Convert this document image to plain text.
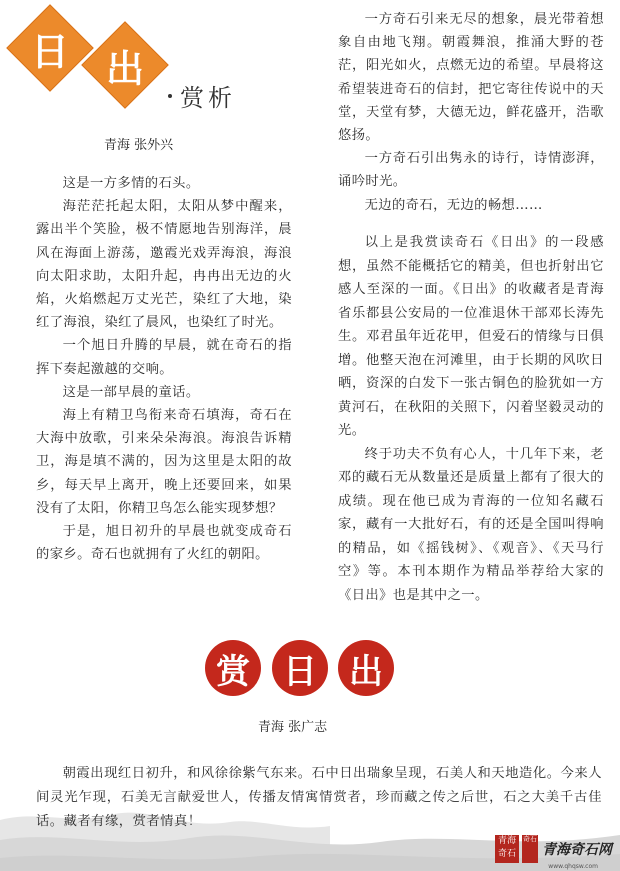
日 出
赏析
青海 张外兴

这是一方多情的石头。

海茫茫托起太阳，太阳从梦中醒来，露出半个笑脸，极不情愿地告别海洋，晨风在海面上游荡，邀霞光戏弄海浪，海浪向太阳求助，太阳升起，冉冉出无边的火焰，火焰燃起万丈光芒，染红了大地，染红了海浪，染红了晨风，也染红了时光。

一个旭日升腾的早晨，就在奇石的指挥下奏起激越的交响。

这是一部早晨的童话。

海上有精卫鸟衔来奇石填海，奇石在大海中放歌，引来朵朵海浪。海浪告诉精卫，海是填不满的，因为这里是太阳的故乡，每天早上离开，晚上还要回来，如果没有了太阳，你精卫鸟怎么能实现梦想？

于是，旭日初升的早晨也就变成奇石的家乡。奇石也就拥有了火红的朝阳。

一方奇石引来无尽的想象，晨光带着想象自由地飞翔。朝霞舞浪，推涌大野的苍茫，阳光如火，点燃无边的希望。早晨将这希望装进奇石的信封，把它寄往传说中的天堂，天堂有梦，大德无边，鲜花盛开，浩歌悠扬。

一方奇石引出隽永的诗行，诗情澎湃，诵吟时光。

无边的奇石，无边的畅想……

以上是我赏读奇石《日出》的一段感想，虽然不能概括它的精美，但也折射出它感人至深的一面。《日出》的收藏者是青海省乐都县公安局的一位准退休干部邓长涛先生。邓君虽年近花甲，但爱石的情缘与日俱增。他整天泡在河滩里，由于长期的风吹日晒，资深的白发下一张古铜色的脸犹如一方黄河石，在秋阳的关照下，闪着坚毅灵动的光。

终于功夫不负有心人，十几年下来，老邓的藏石无从数量还是质量上都有了很大的成绩。现在他已成为青海的一位知名藏石家，藏有一大批好石，有的还是全国叫得响的精品，如《摇钱树》、《观音》、《天马行空》等。本刊本期作为精品举荐给大家的《日出》也是其中之一。

赏 日 出
青海 张广志

朝霞出现红日初升，和风徐徐紫气东来。石中日出瑞象呈现，石美人和天地造化。今来人间灵光乍现，石美无言献爱世人，传播友情寓情赏者，珍而藏之传之后世，石之大美千古佳话。藏者有缘，赏者情真！

青海奇石
奇石
青海奇石网
www.qhqsw.com
